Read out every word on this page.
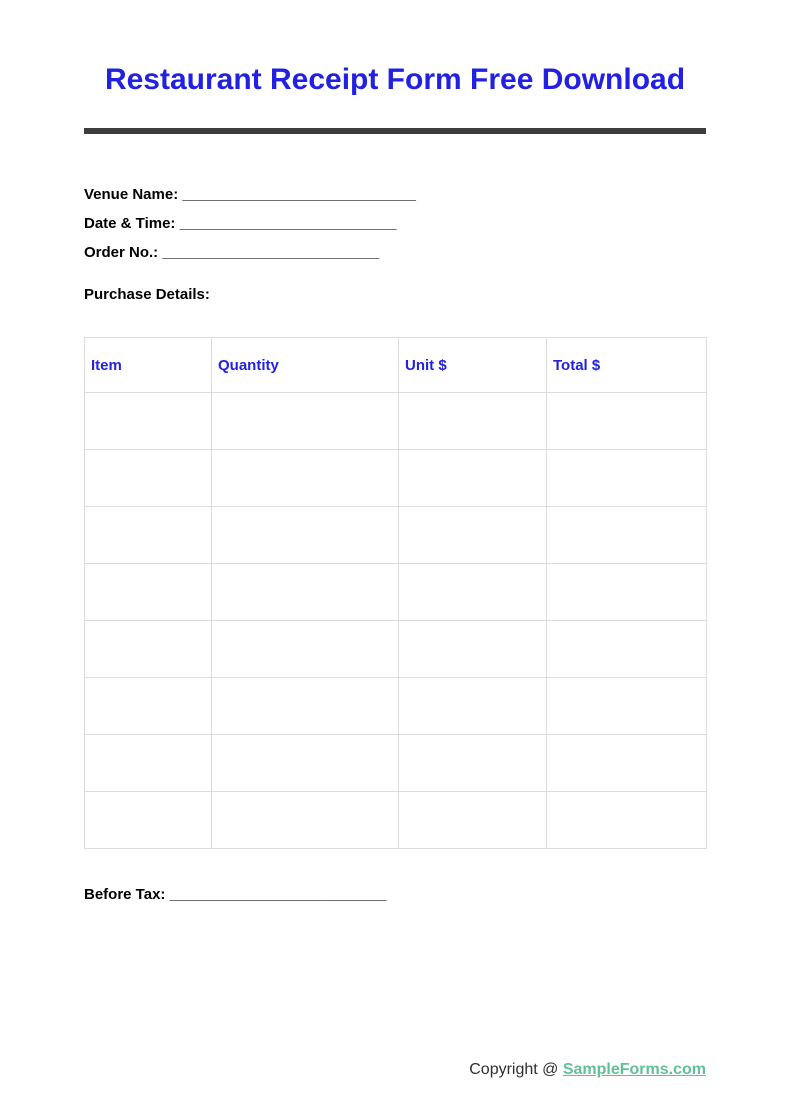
Restaurant Receipt Form Free Download
Venue Name: ____________________________
Date & Time: __________________________
Order No.: __________________________
Purchase Details:
Item	Quantity	Unit $	Total $

Before Tax: __________________________
Copyright @ SampleForms.com
